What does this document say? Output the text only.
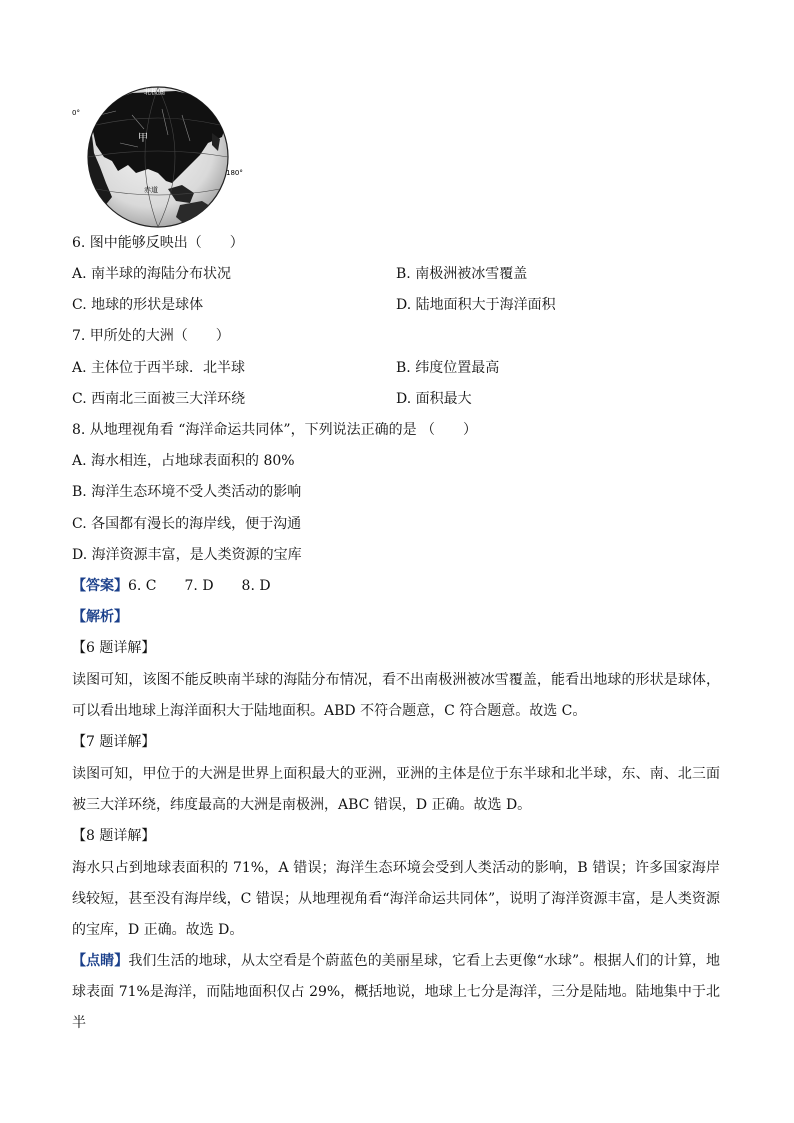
北极圈
0°
180°
甲
赤道
6. 图中能够反映出（　　）
A. 南半球的海陆分布状况	B. 南极洲被冰雪覆盖
C. 地球的形状是球体	D. 陆地面积大于海洋面积
7. 甲所处的大洲（　　）
A. 主体位于西半球．北半球	B. 纬度位置最高
C. 西南北三面被三大洋环绕	D. 面积最大
8. 从地理视角看 “海洋命运共同体”，下列说法正确的是 （　　）
A. 海水相连，占地球表面积的 80%
B. 海洋生态环境不受人类活动的影响
C. 各国都有漫长的海岸线，便于沟通
D. 海洋资源丰富，是人类资源的宝库
【答案】6. C　　7. D　　8. D
【解析】
【6 题详解】
读图可知，该图不能反映南半球的海陆分布情况，看不出南极洲被冰雪覆盖，能看出地球的形状是球体，可以看出地球上海洋面积大于陆地面积。ABD 不符合题意，C 符合题意。故选 C。
【7 题详解】
读图可知，甲位于的大洲是世界上面积最大的亚洲，亚洲的主体是位于东半球和北半球，东、南、北三面被三大洋环绕，纬度最高的大洲是南极洲，ABC 错误，D 正确。故选 D。
【8 题详解】
海水只占到地球表面积的 71%，A 错误；海洋生态环境会受到人类活动的影响，B 错误；许多国家海岸线较短，甚至没有海岸线，C 错误；从地理视角看“海洋命运共同体”，说明了海洋资源丰富，是人类资源的宝库，D 正确。故选 D。
【点睛】我们生活的地球，从太空看是个蔚蓝色的美丽星球，它看上去更像“水球”。根据人们的计算，地球表面 71%是海洋，而陆地面积仅占 29%，概括地说，地球上七分是海洋，三分是陆地。陆地集中于北半
